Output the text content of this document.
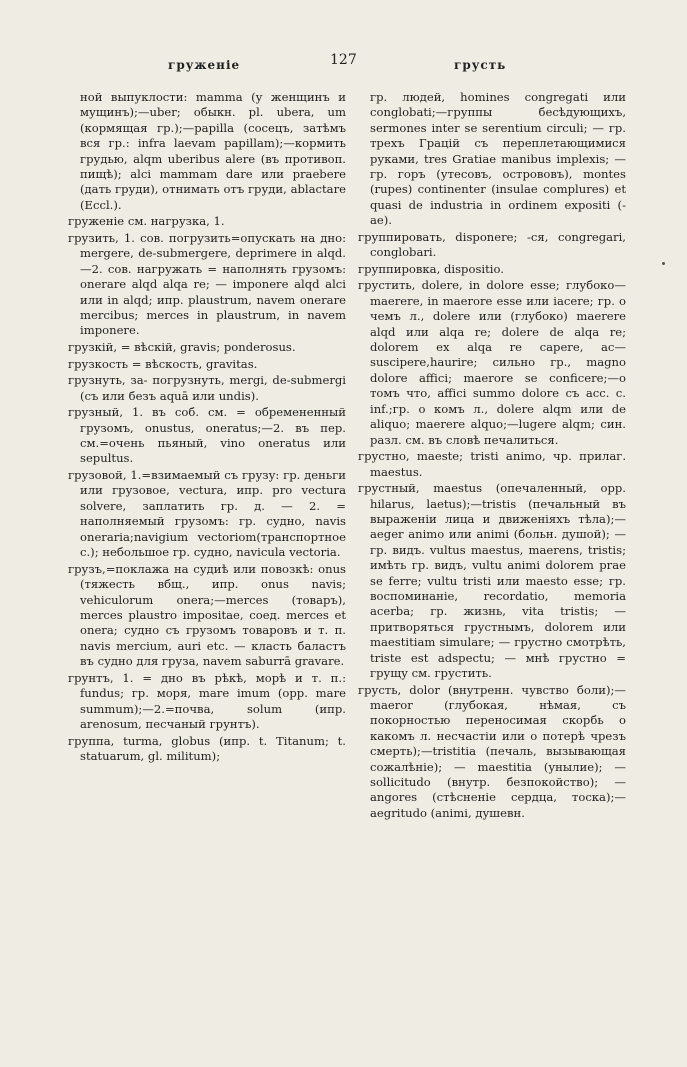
груженіе	127	грусть

ной выпуклости: mamma (у женщинъ и мущинъ);—uber; обыкн. pl. ubera, um (кормящая гр.);—papilla (сосецъ, затѣмъ вся гр.: infra laevam papillam);—кормить грудью, alqm uberibus alere (въ противоп. пищѣ); alci mammam dare или praebere (дать груди), отнимать отъ груди, ablactare (Eccl.).

груженіе см. нагрузка, 1.

грузить, 1. сов. погрузить=опускать на дно: mergere, de-submergere, deprimere in alqd.—2. сов. нагружать = наполнять грузомъ: onerare alqd alqa re; — imponere alqd alci или in alqd; ипр. plaustrum, navem onerare mercibus; merces in plaustrum, in navem imponere.

грузкій, = вѣскій, gravis; ponderosus.

грузкость = вѣскость, gravitas.

грузнуть, за- погрузнуть, mergi, de-submergi (съ или безъ aquā или undis).

грузный, 1. въ соб. см. = обремененный грузомъ, onustus, oneratus;—2. въ пер. см.=очень пьяный, vino oneratus или sepultus.

грузовой, 1.=взимаемый съ грузу: гр. деньги или грузовое, vectura, ипр. pro vectura solvere, заплатить гр. д. — 2. = наполняемый грузомъ: гр. судно, navis oneraria;navigium vectoriom(транспортное с.); небольшое гр. судно, navicula vectoria.

грузъ,=поклажа на судиѣ или повозкѣ: onus (тяжесть вбщ., ипр. onus navis; vehiculorum onera;—merces (товаръ), merces plaustro impositae, соед. merces et onera; судно съ грузомъ товаровъ и т. п. navis mercium, auri etc. — класть баластъ въ судно для груза, navem saburrā gravare.

грунтъ, 1. = дно въ рѣкѣ, морѣ и т. п.: fundus; гр. моря, mare imum (opp. mare summum);—2.=почва, solum (ипр. arenosum, песчаный грунтъ).

группа, turma, globus (ипр. t. Titanum; t. statuarum, gl. militum);

гр. людей, homines congregati или conglobati;—группы бесѣдующихъ, sermones inter se serentium circuli; — гр. трехъ Грацій съ переплетающимися руками, tres Gratiae manibus implexis; — гр. горъ (утесовъ, острововъ), montes (rupes) continenter (insulae complures) et quasi de industria in ordinem expositi (-ae).

группировать, disponere; -ся, congregari, conglobari.

группировка, dispositio.

грустить, dolere, in dolore esse; глубоко—maerere, in maerore esse или iacere; гр. о чемъ л., dolere или (глубоко) maerere alqd или alqa re; dolere de alqa re; dolorem ex alqa re capere, ac—suscipere,haurire; сильно гр., magno dolore affici; maerore se conficere;—о томъ что, affici summo dolore съ acc. c. inf.;гр. о комъ л., dolere alqm или de aliquo; maerere alquo;—lugere alqm; син. разл. см. въ словѣ печалиться.

грустно, maeste; tristi animo, чр. прилаг. maestus.

грустный, maestus (опечаленный, opp. hilarus, laetus);—tristis (печальный въ выраженіи лица и движеніяхъ тѣла);—aeger animo или animi (больн. душой); — гр. видъ. vultus maestus, maerens, tristis; имѣть гр. видъ, vultu animi dolorem prae se ferre; vultu tristi или maesto esse; гр. воспоминаніе, recordatio, memoria acerba; гр. жизнь, vita tristis; — притворяться грустнымъ, dolorem или maestitiam simulare; — грустно смотрѣть, triste est adspectu; — мнѣ грустно = грущу см. грустить.

грусть, dolor (внутренн. чувство боли);—maeror (глубокая, нѣмая, съ покорностью переносимая скорбь о какомъ л. несчастіи или о потерѣ чрезъ смерть);—tristitia (печаль, вызывающая сожалѣніе); — maestitia (унылие); — sollicitudo (внутр. безпокойство); —angores (стѣсненіе сердца, тоска);—aegritudo (animi, душевн.
